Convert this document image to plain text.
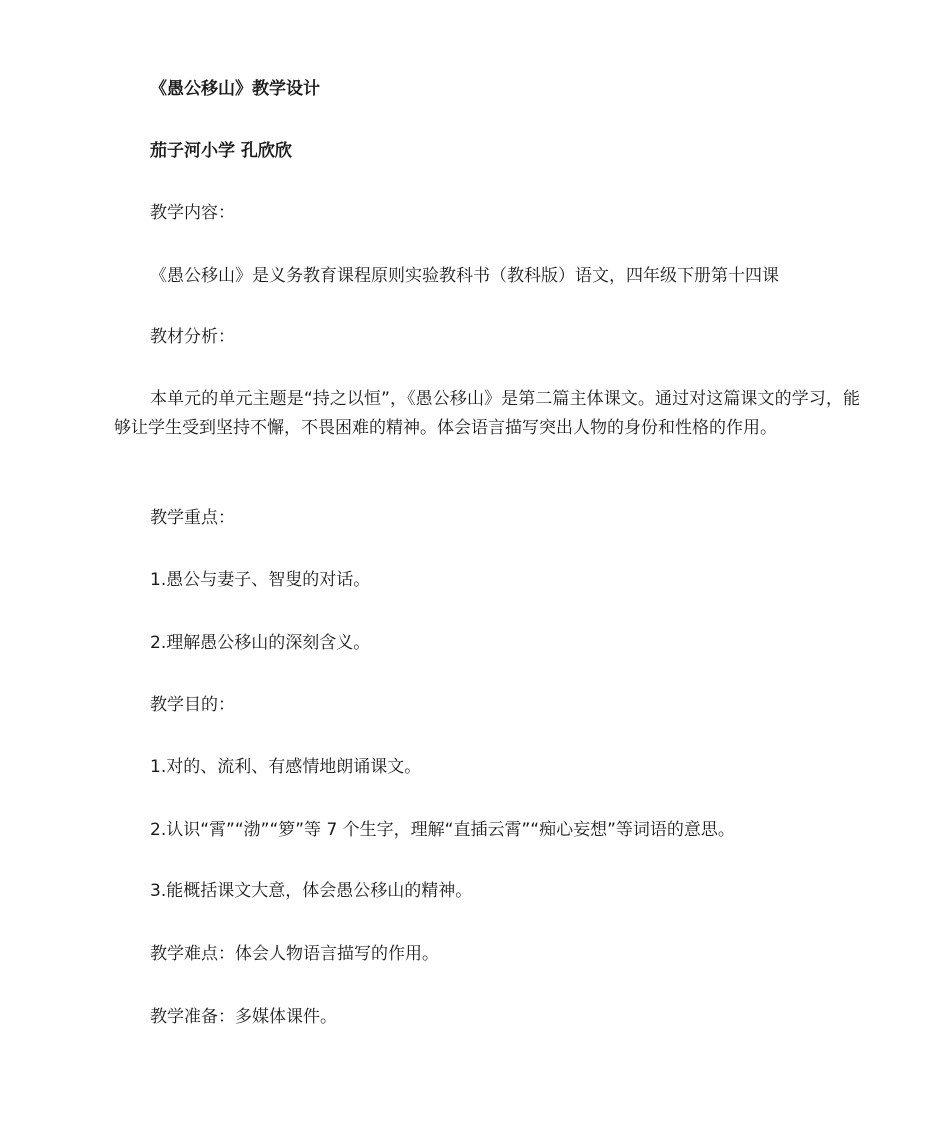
《愚公移山》教学设计
茄子河小学 孔欣欣
教学内容：
《愚公移山》是义务教育课程原则实验教科书（教科版）语文，四年级下册第十四课
教材分析：
本单元的单元主题是“持之以恒”，《愚公移山》是第二篇主体课文。通过对这篇课文的学习，能够让学生受到坚持不懈，不畏困难的精神。体会语言描写突出人物的身份和性格的作用。
教学重点：
1.愚公与妻子、智叟的对话。
2.理解愚公移山的深刻含义。
教学目的：
1.对的、流利、有感情地朗诵课文。
2.认识“霄”“渤”“箩”等 7 个生字，理解“直插云霄”“痴心妄想”等词语的意思。
3.能概括课文大意，体会愚公移山的精神。
教学难点：体会人物语言描写的作用。
教学准备：多媒体课件。
